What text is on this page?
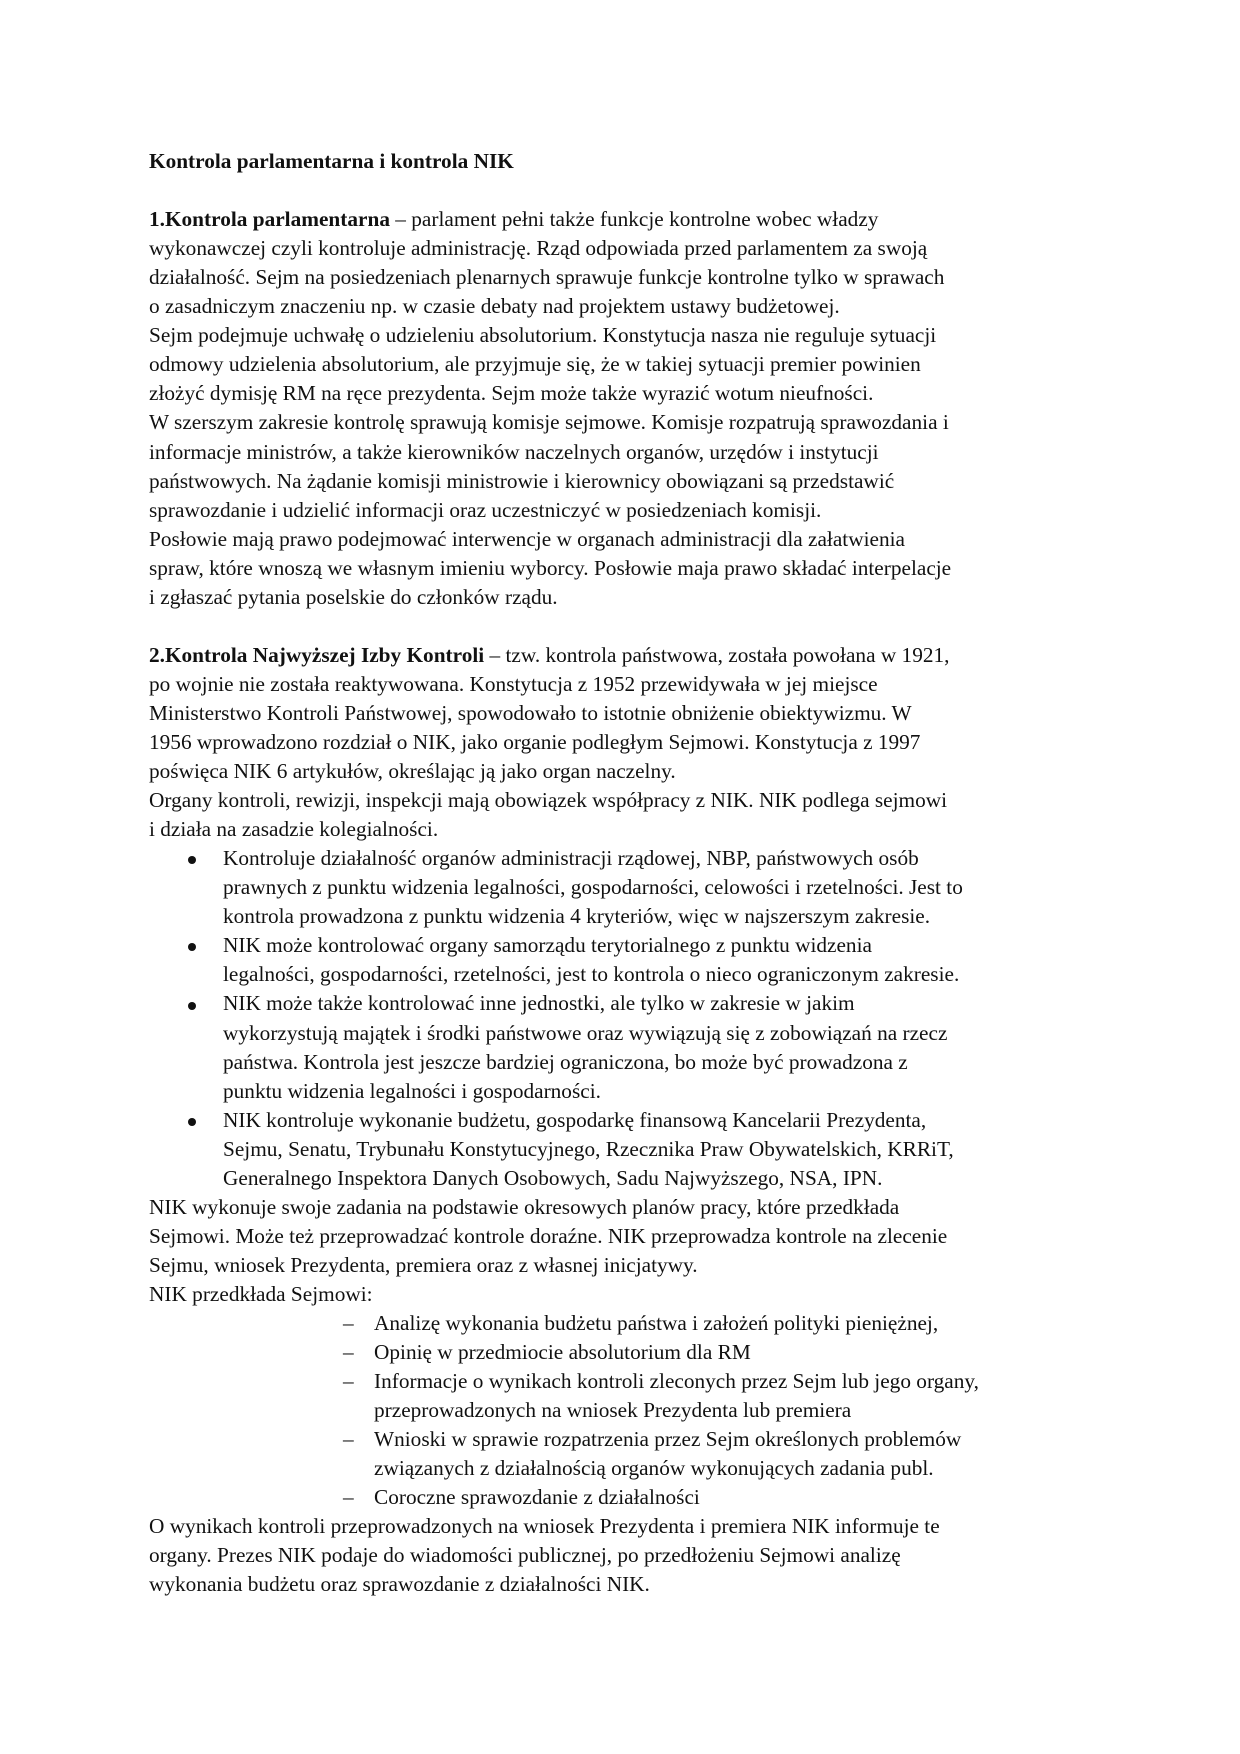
Kontrola parlamentarna i kontrola NIK
1.Kontrola parlamentarna – parlament pełni także funkcje kontrolne wobec władzy
wykonawczej czyli kontroluje administrację. Rząd odpowiada przed parlamentem za swoją
działalność. Sejm na posiedzeniach plenarnych sprawuje funkcje kontrolne tylko w sprawach
o zasadniczym znaczeniu np. w czasie debaty nad projektem ustawy budżetowej.
Sejm podejmuje uchwałę o udzieleniu absolutorium. Konstytucja nasza nie reguluje sytuacji
odmowy udzielenia absolutorium, ale przyjmuje się, że w takiej sytuacji premier powinien
złożyć dymisję RM na ręce prezydenta. Sejm może także wyrazić wotum nieufności.
W szerszym zakresie kontrolę sprawują komisje sejmowe. Komisje rozpatrują sprawozdania i
informacje ministrów, a także kierowników naczelnych organów, urzędów i instytucji
państwowych. Na żądanie komisji ministrowie i kierownicy obowiązani są przedstawić
sprawozdanie i udzielić informacji oraz uczestniczyć w posiedzeniach komisji.
Posłowie mają prawo podejmować interwencje w organach administracji dla załatwienia
spraw, które wnoszą we własnym imieniu wyborcy. Posłowie maja prawo składać interpelacje
i zgłaszać pytania poselskie do członków rządu.
2.Kontrola Najwyższej Izby Kontroli – tzw. kontrola państwowa, została powołana w 1921,
po wojnie nie została reaktywowana. Konstytucja z 1952 przewidywała w jej miejsce
Ministerstwo Kontroli Państwowej, spowodowało to istotnie obniżenie obiektywizmu. W
1956 wprowadzono rozdział o NIK, jako organie podległym Sejmowi. Konstytucja z 1997
poświęca NIK 6 artykułów, określając ją jako organ naczelny.
Organy kontroli, rewizji, inspekcji mają obowiązek współpracy z NIK. NIK podlega sejmowi
i działa na zasadzie kolegialności.
Kontroluje działalność organów administracji rządowej, NBP, państwowych osób
prawnych z punktu widzenia legalności, gospodarności, celowości i rzetelności. Jest to
kontrola prowadzona z punktu widzenia 4 kryteriów, więc w najszerszym zakresie.
NIK może kontrolować organy samorządu terytorialnego z punktu widzenia
legalności, gospodarności, rzetelności, jest to kontrola o nieco ograniczonym zakresie.
NIK może także kontrolować inne jednostki, ale tylko w zakresie w jakim
wykorzystują majątek i środki państwowe oraz wywiązują się z zobowiązań na rzecz
państwa. Kontrola jest jeszcze bardziej ograniczona, bo może być prowadzona z
punktu widzenia legalności i gospodarności.
NIK kontroluje wykonanie budżetu, gospodarkę finansową Kancelarii Prezydenta,
Sejmu, Senatu, Trybunału Konstytucyjnego, Rzecznika Praw Obywatelskich, KRRiT,
Generalnego Inspektora Danych Osobowych, Sadu Najwyższego, NSA, IPN.
NIK wykonuje swoje zadania na podstawie okresowych planów pracy, które przedkłada
Sejmowi. Może też przeprowadzać kontrole doraźne. NIK przeprowadza kontrole na zlecenie
Sejmu, wniosek Prezydenta, premiera oraz z własnej inicjatywy.
NIK przedkłada Sejmowi:
– Analizę wykonania budżetu państwa i założeń polityki pieniężnej,
– Opinię w przedmiocie absolutorium dla RM
– Informacje o wynikach kontroli zleconych przez Sejm lub jego organy,
przeprowadzonych na wniosek Prezydenta lub premiera
– Wnioski w sprawie rozpatrzenia przez Sejm określonych problemów
związanych z działalnością organów wykonujących zadania publ.
– Coroczne sprawozdanie z działalności
O wynikach kontroli przeprowadzonych na wniosek Prezydenta i premiera NIK informuje te
organy. Prezes NIK podaje do wiadomości publicznej, po przedłożeniu Sejmowi analizę
wykonania budżetu oraz sprawozdanie z działalności NIK.
